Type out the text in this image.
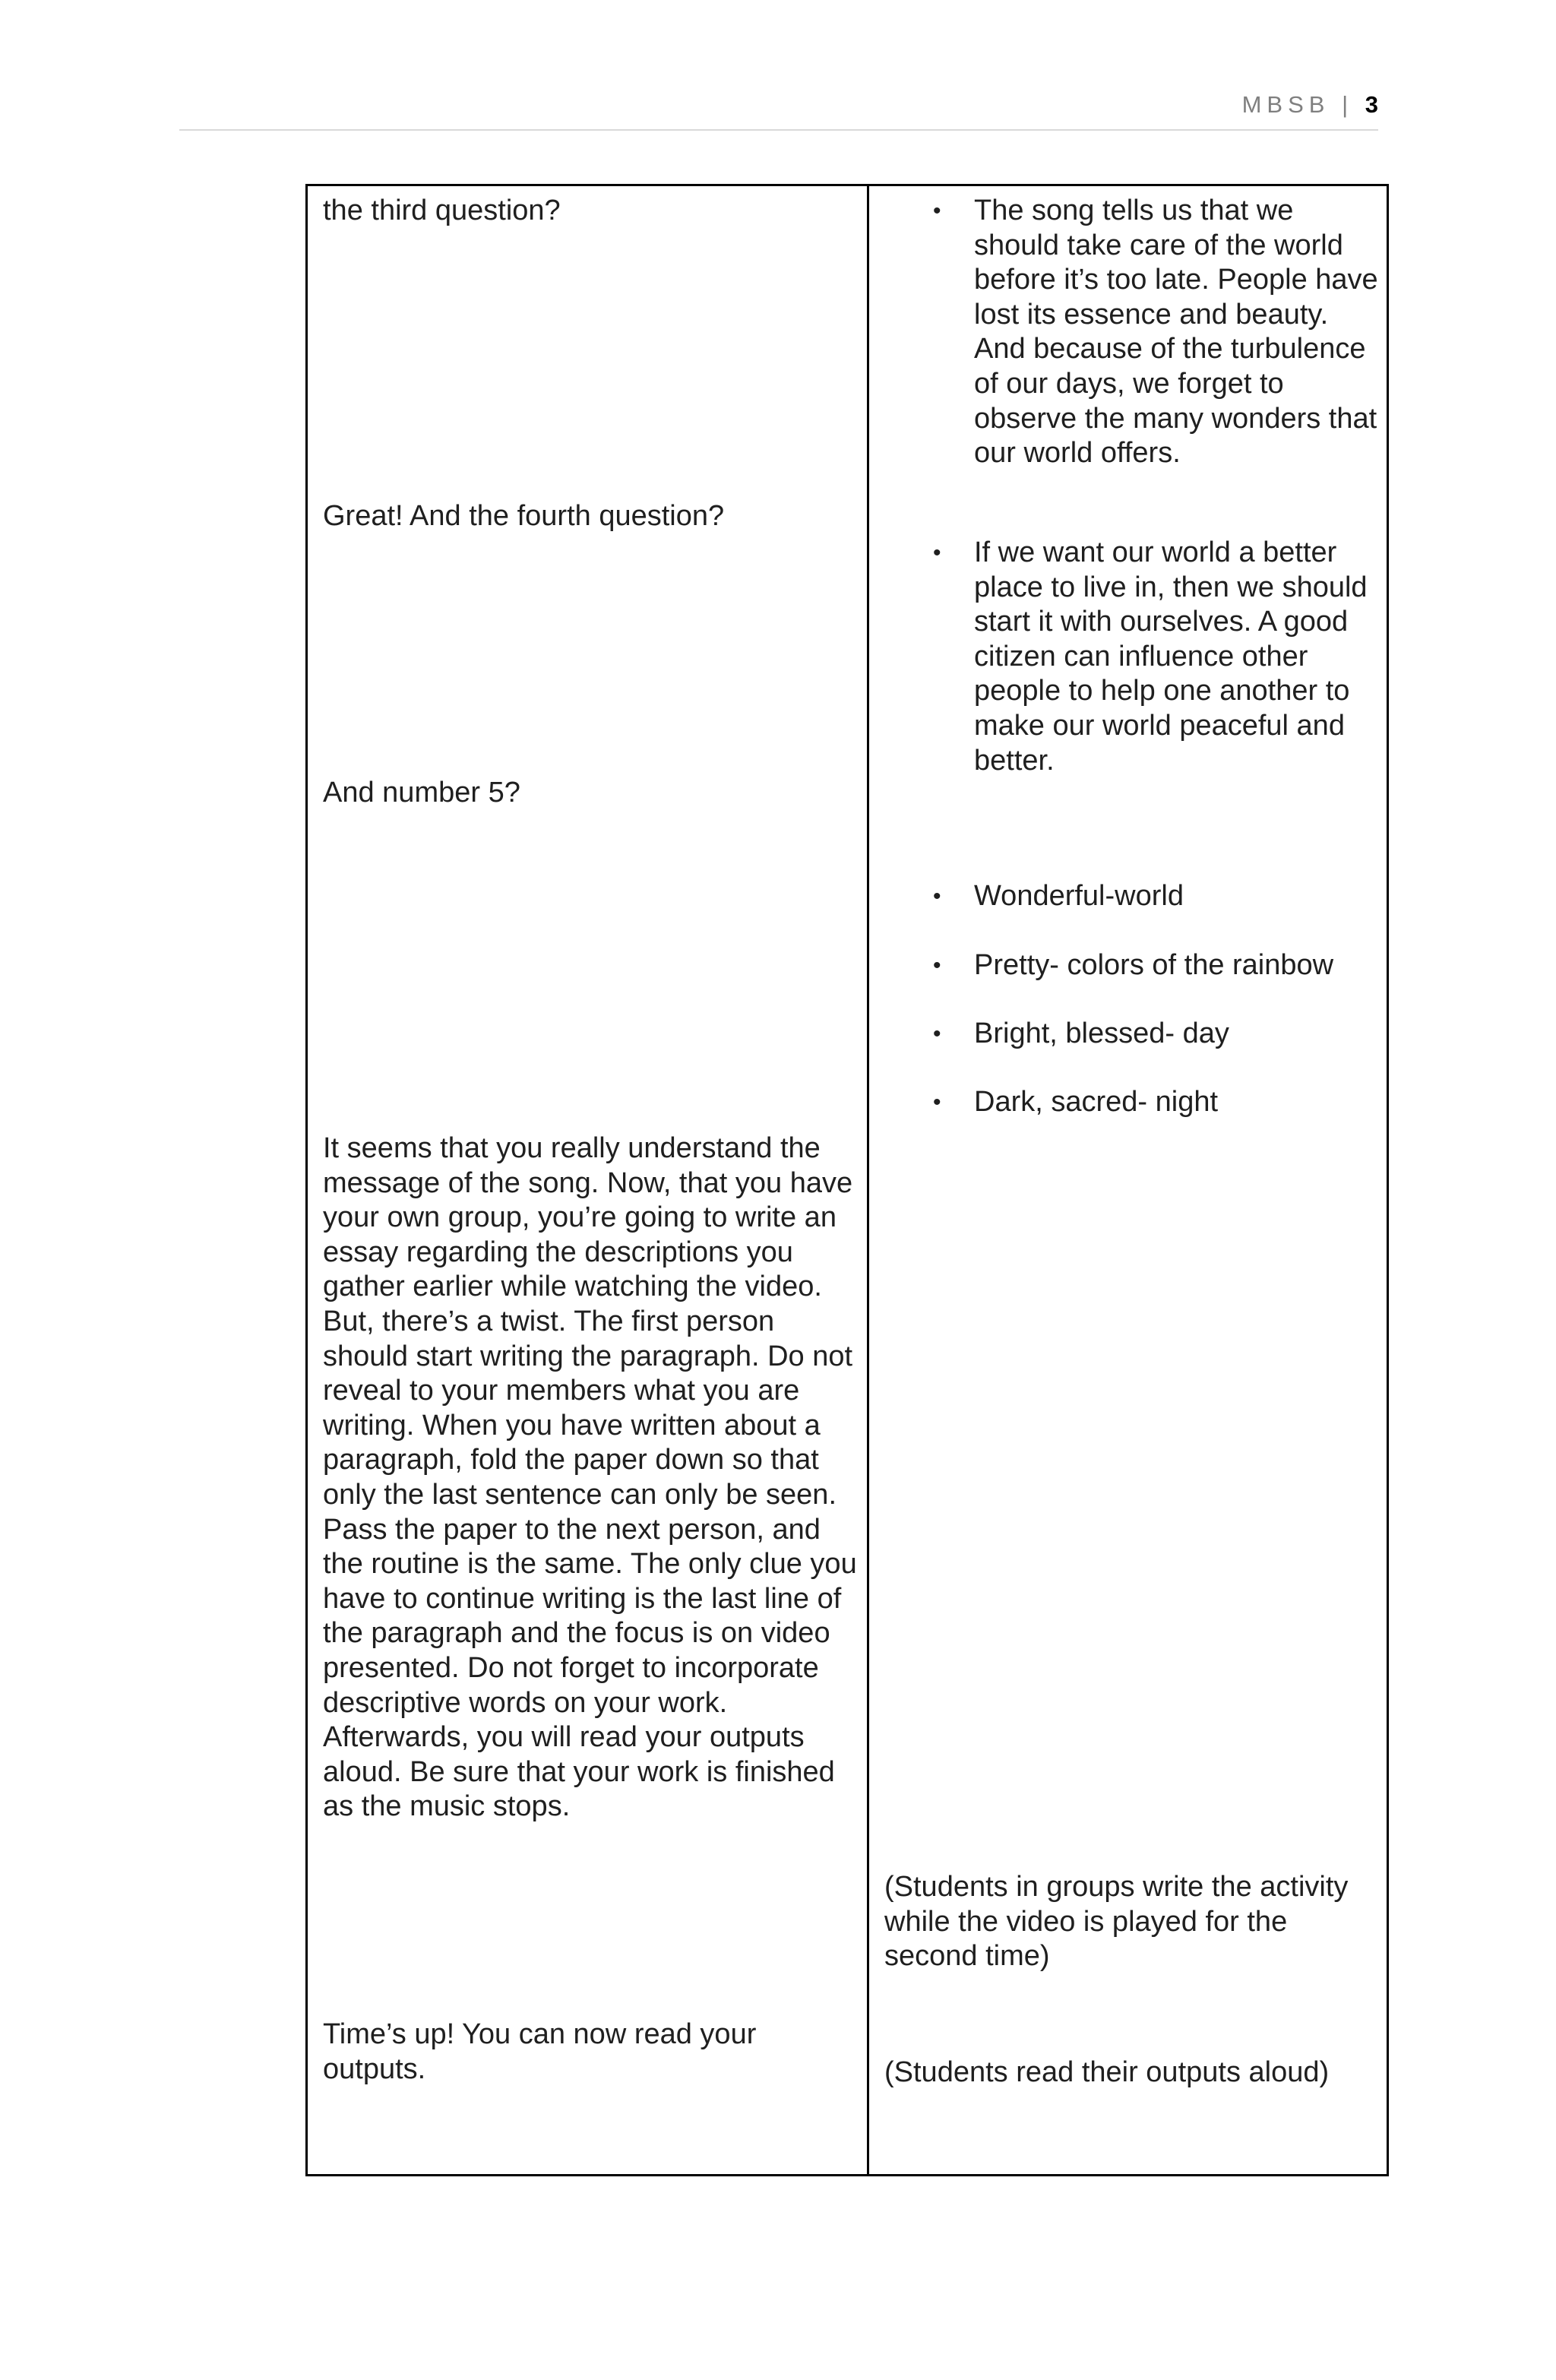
MBSB | 3
the third question?
Great! And the fourth question?
And number 5?
It seems that you really understand the message of the song. Now, that you have your own group, you’re going to write an essay regarding the descriptions you gather earlier while watching the video. But, there’s a twist. The first person should start writing the paragraph. Do not reveal to your members what you are writing. When you have written about a paragraph, fold the paper down so that only the last sentence can only be seen. Pass the paper to the next person, and the routine is the same. The only clue you have to continue writing is the last line of the paragraph and the focus is on video presented. Do not forget to incorporate descriptive words on your work. Afterwards, you will read your outputs aloud. Be sure that your work is finished as the music stops.
Time’s up! You can now read your outputs.
• The song tells us that we should take care of the world before it’s too late. People have lost its essence and beauty. And because of the turbulence of our days, we forget to observe the many wonders that our world offers.
• If we want our world a better place to live in, then we should start it with ourselves. A good citizen can influence other people to help one another to make our world peaceful and better.
• Wonderful-world
• Pretty- colors of the rainbow
• Bright, blessed- day
• Dark, sacred- night
(Students in groups write the activity while the video is played for the second time)
(Students read their outputs aloud)
